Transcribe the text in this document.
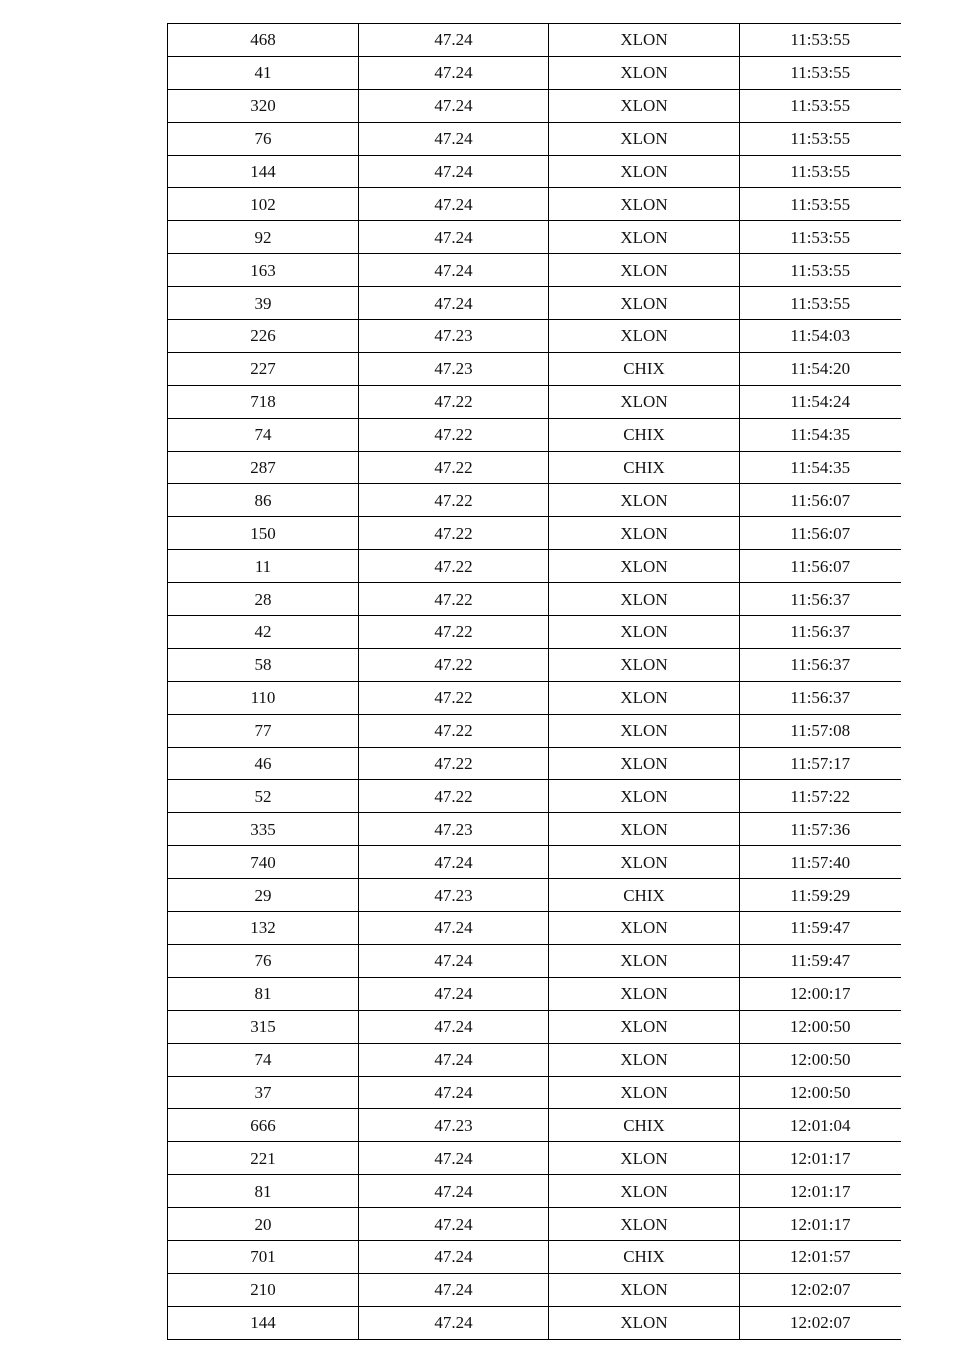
468	47.24	XLON	11:53:55
41	47.24	XLON	11:53:55
320	47.24	XLON	11:53:55
76	47.24	XLON	11:53:55
144	47.24	XLON	11:53:55
102	47.24	XLON	11:53:55
92	47.24	XLON	11:53:55
163	47.24	XLON	11:53:55
39	47.24	XLON	11:53:55
226	47.23	XLON	11:54:03
227	47.23	CHIX	11:54:20
718	47.22	XLON	11:54:24
74	47.22	CHIX	11:54:35
287	47.22	CHIX	11:54:35
86	47.22	XLON	11:56:07
150	47.22	XLON	11:56:07
11	47.22	XLON	11:56:07
28	47.22	XLON	11:56:37
42	47.22	XLON	11:56:37
58	47.22	XLON	11:56:37
110	47.22	XLON	11:56:37
77	47.22	XLON	11:57:08
46	47.22	XLON	11:57:17
52	47.22	XLON	11:57:22
335	47.23	XLON	11:57:36
740	47.24	XLON	11:57:40
29	47.23	CHIX	11:59:29
132	47.24	XLON	11:59:47
76	47.24	XLON	11:59:47
81	47.24	XLON	12:00:17
315	47.24	XLON	12:00:50
74	47.24	XLON	12:00:50
37	47.24	XLON	12:00:50
666	47.23	CHIX	12:01:04
221	47.24	XLON	12:01:17
81	47.24	XLON	12:01:17
20	47.24	XLON	12:01:17
701	47.24	CHIX	12:01:57
210	47.24	XLON	12:02:07
144	47.24	XLON	12:02:07
